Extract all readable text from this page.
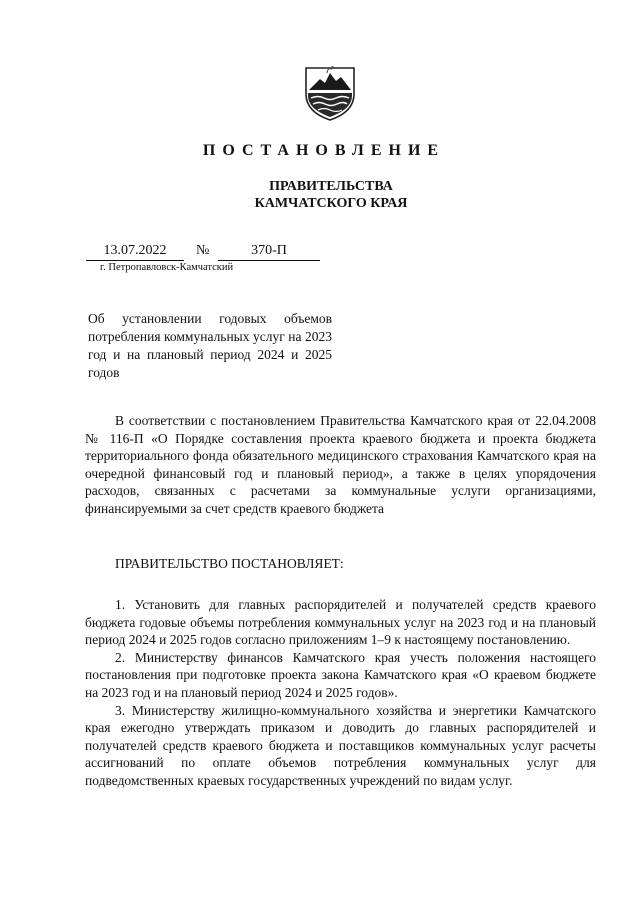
ПОСТАНОВЛЕНИЕ
ПРАВИТЕЛЬСТВА
КАМЧАТСКОГО КРАЯ
13.07.2022	№	370-П
г. Петропавловск-Камчатский
Об установлении годовых объемов потребления коммунальных услуг на 2023 год и на плановый период 2024 и 2025 годов
В соответствии с постановлением Правительства Камчатского края от 22.04.2008 № 116-П «О Порядке составления проекта краевого бюджета и проекта бюджета территориального фонда обязательного медицинского страхования Камчатского края на очередной финансовый год и плановый период», а также в целях упорядочения расходов, связанных с расчетами за коммунальные услуги организациями, финансируемыми за счет средств краевого бюджета
ПРАВИТЕЛЬСТВО ПОСТАНОВЛЯЕТ:

1. Установить для главных распорядителей и получателей средств краевого бюджета годовые объемы потребления коммунальных услуг на 2023 год и на плановый период 2024 и 2025 годов согласно приложениям 1–9 к настоящему постановлению.

2. Министерству финансов Камчатского края учесть положения настоящего постановления при подготовке проекта закона Камчатского края «О краевом бюджете на 2023 год и на плановый период 2024 и 2025 годов».

3. Министерству жилищно-коммунального хозяйства и энергетики Камчатского края ежегодно утверждать приказом и доводить до главных распорядителей и получателей средств краевого бюджета и поставщиков коммунальных услуг расчеты ассигнований по оплате объемов потребления коммунальных услуг для подведомственных краевых государственных учреждений по видам услуг.
